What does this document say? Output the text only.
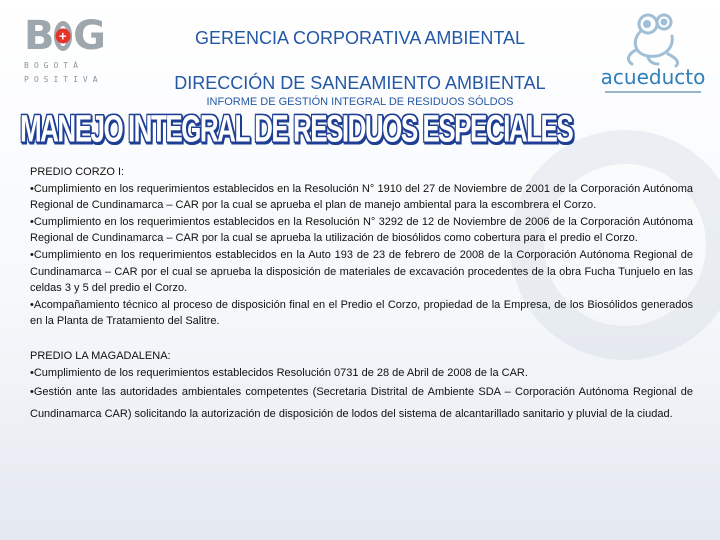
B + G
BOGOTÁ
POSITIVA	acueducto
GERENCIA CORPORATIVA AMBIENTAL
DIRECCIÓN DE SANEAMIENTO AMBIENTAL
INFORME DE GESTIÓN INTEGRAL DE RESIDUOS SÓLDOS
MANEJO INTEGRAL DE RESIDUOS ESPECIALES

PREDIO CORZO I:

•Cumplimiento en los requerimientos establecidos en la Resolución N° 1910 del 27 de Noviembre de 2001 de la Corporación Autónoma Regional de Cundinamarca – CAR por la cual se aprueba el plan de manejo ambiental para la escombrera el Corzo.

•Cumplimiento en los requerimientos establecidos en la Resolución N° 3292 de 12 de Noviembre de 2006 de la Corporación Autónoma Regional de Cundinamarca – CAR por la cual se aprueba la utilización de biosólidos como cobertura para el predio el Corzo.

•Cumplimiento en los requerimientos establecidos en la Auto 193 de 23 de febrero de 2008 de la Corporación Autónoma Regional de Cundinamarca – CAR por el cual se aprueba la disposición de materiales de excavación procedentes de la obra Fucha Tunjuelo en las celdas 3 y 5 del predio el Corzo.

•Acompañamiento técnico al proceso de disposición final en el Predio el Corzo, propiedad de la Empresa, de los Biosólidos generados en la Planta de Tratamiento del Salitre.

PREDIO LA MAGADALENA:

•Cumplimiento de los requerimientos establecidos Resolución 0731 de 28 de Abril de 2008 de la CAR.

•Gestión ante las autoridades ambientales competentes (Secretaria Distrital de Ambiente SDA – Corporación Autónoma Regional de Cundinamarca CAR) solicitando la autorización de disposición de lodos del sistema de alcantarillado sanitario y pluvial de la ciudad.
